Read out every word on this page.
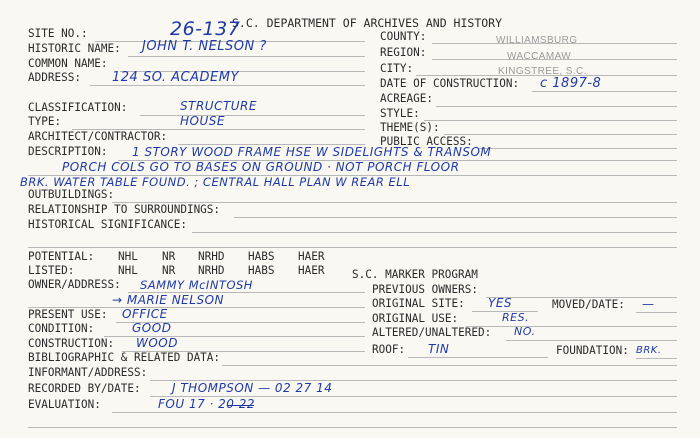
S.C. DEPARTMENT OF ARCHIVES AND HISTORY
SITE NO.:	26-137	COUNTY:	WILLIAMSBURG
HISTORIC NAME: JOHN T. NELSON ?	REGION:	WACCAMAW
COMMON NAME:	CITY:	KINGSTREE, S.C.
ADDRESS: 124 SO. ACADEMY	DATE OF CONSTRUCTION: c 1897-8
ACREAGE:
CLASSIFICATION:	STRUCTURE
STYLE:
TYPE:	HOUSE	THEME(S):
ARCHITECT/CONTRACTOR:	PUBLIC ACCESS:
DESCRIPTION: 1 STORY WOOD FRAME HSE W SIDELIGHTS & TRANSOM
PORCH COLS GO TO BASES ON GROUND · NOT PORCH FLOOR
BRK. WATER TABLE FOUND. ; CENTRAL HALL PLAN W REAR ELL
OUTBUILDINGS:
RELATIONSHIP TO SURROUNDINGS:
HISTORICAL SIGNIFICANCE:
POTENTIAL: NHL NR NRHD HABS HAER
LISTED:	NHL NR NRHD HABS HAER	S.C. MARKER PROGRAM
OWNER/ADDRESS: SAMMY McINTOSH	PREVIOUS OWNERS:
→ MARIE NELSON	ORIGINAL SITE: YES	MOVED/DATE: —
PRESENT USE: OFFICE	ORIGINAL USE:	RES.
CONDITION:	GOOD	ALTERED/UNALTERED: NO.
CONSTRUCTION: WOOD	ROOF: TIN	FOUNDATION: BRK.
BIBLIOGRAPHIC & RELATED DATA:
INFORMANT/ADDRESS:
RECORDED BY/DATE:	J THOMPSON — 02 27 14
EVALUATION:	FOU 17 · 20 22
